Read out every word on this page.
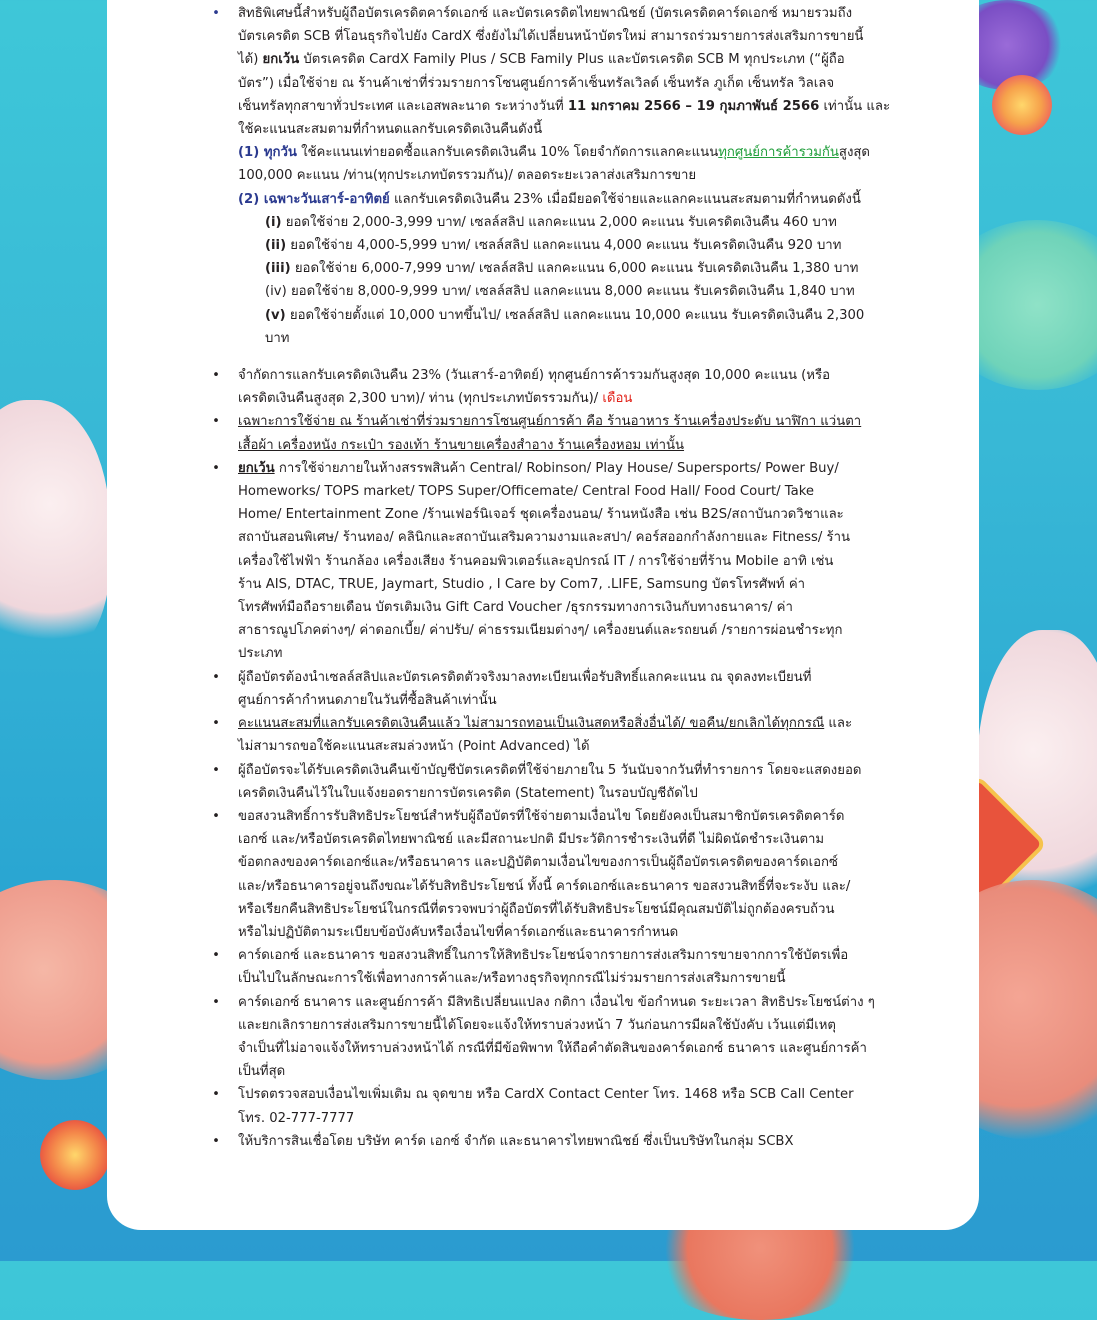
• สิทธิพิเศษนี้สำหรับผู้ถือบัตรเครดิตคาร์ดเอกซ์ และบัตรเครดิตไทยพาณิชย์ (บัตรเครดิตคาร์ดเอกซ์ หมายรวมถึง
บัตรเครดิต SCB ที่โอนธุรกิจไปยัง CardX ซึ่งยังไม่ได้เปลี่ยนหน้าบัตรใหม่ สามารถร่วมรายการส่งเสริมการขายนี้
ได้) ยกเว้น บัตรเครดิต CardX Family Plus / SCB Family Plus และบัตรเครดิต SCB M ทุกประเภท (“ผู้ถือ
บัตร”) เมื่อใช้จ่าย ณ ร้านค้าเช่าที่ร่วมรายการโซนศูนย์การค้าเซ็นทรัลเวิลด์ เซ็นทรัล ภูเก็ต เซ็นทรัล วิลเลจ
เซ็นทรัลทุกสาขาทั่วประเทศ และเอสพละนาด ระหว่างวันที่ 11 มกราคม 2566 – 19 กุมภาพันธ์ 2566 เท่านั้น และ
ใช้คะแนนสะสมตามที่กำหนดแลกรับเครดิตเงินคืนดังนี้

(1) ทุกวัน ใช้คะแนนเท่ายอดซื้อแลกรับเครดิตเงินคืน 10% โดยจำกัดการแลกคะแนนทุกศูนย์การค้ารวมกันสูงสุด
100,000 คะแนน /ท่าน(ทุกประเภทบัตรรวมกัน)/ ตลอดระยะเวลาส่งเสริมการขาย

(2) เฉพาะวันเสาร์-อาทิตย์ แลกรับเครดิตเงินคืน 23% เมื่อมียอดใช้จ่ายและแลกคะแนนสะสมตามที่กำหนดดังนี้

(i) ยอดใช้จ่าย 2,000-3,999 บาท/ เซลล์สลิป แลกคะแนน 2,000 คะแนน รับเครดิตเงินคืน 460 บาท
(ii) ยอดใช้จ่าย 4,000-5,999 บาท/ เซลล์สลิป แลกคะแนน 4,000 คะแนน รับเครดิตเงินคืน 920 บาท
(iii) ยอดใช้จ่าย 6,000-7,999 บาท/ เซลล์สลิป แลกคะแนน 6,000 คะแนน รับเครดิตเงินคืน 1,380 บาท
(iv) ยอดใช้จ่าย 8,000-9,999 บาท/ เซลล์สลิป แลกคะแนน 8,000 คะแนน รับเครดิตเงินคืน 1,840 บาท
(v) ยอดใช้จ่ายตั้งแต่ 10,000 บาทขึ้นไป/ เซลล์สลิป แลกคะแนน 10,000 คะแนน รับเครดิตเงินคืน 2,300
บาท
• จำกัดการแลกรับเครดิตเงินคืน 23% (วันเสาร์-อาทิตย์) ทุกศูนย์การค้ารวมกันสูงสุด 10,000 คะแนน (หรือ
เครดิตเงินคืนสูงสุด 2,300 บาท)/ ท่าน (ทุกประเภทบัตรรวมกัน)/ เดือน
• เฉพาะการใช้จ่าย ณ ร้านค้าเช่าที่ร่วมรายการโซนศูนย์การค้า คือ ร้านอาหาร ร้านเครื่องประดับ นาฬิกา แว่นตา
เสื้อผ้า เครื่องหนัง กระเป๋า รองเท้า ร้านขายเครื่องสำอาง ร้านเครื่องหอม เท่านั้น
• ยกเว้น การใช้จ่ายภายในห้างสรรพสินค้า Central/ Robinson/ Play House/ Supersports/ Power Buy/
Homeworks/ TOPS market/ TOPS Super/Officemate/ Central Food Hall/ Food Court/ Take
Home/ Entertainment Zone /ร้านเฟอร์นิเจอร์ ชุดเครื่องนอน/ ร้านหนังสือ เช่น B2S/สถาบันกวดวิชาและ
สถาบันสอนพิเศษ/ ร้านทอง/ คลินิกและสถาบันเสริมความงามและสปา/ คอร์สออกกำลังกายและ Fitness/ ร้าน
เครื่องใช้ไฟฟ้า ร้านกล้อง เครื่องเสียง ร้านคอมพิวเตอร์และอุปกรณ์ IT / การใช้จ่ายที่ร้าน Mobile อาทิ เช่น
ร้าน AIS, DTAC, TRUE, Jaymart, Studio , I Care by Com7, .LIFE, Samsung บัตรโทรศัพท์ ค่า
โทรศัพท์มือถือรายเดือน บัตรเติมเงิน Gift Card Voucher /ธุรกรรมทางการเงินกับทางธนาคาร/ ค่า
สาธารณูปโภคต่างๆ/ ค่าดอกเบี้ย/ ค่าปรับ/ ค่าธรรมเนียมต่างๆ/ เครื่องยนต์และรถยนต์ /รายการผ่อนชำระทุก
ประเภท
• ผู้ถือบัตรต้องนำเซลล์สลิปและบัตรเครดิตตัวจริงมาลงทะเบียนเพื่อรับสิทธิ์แลกคะแนน ณ จุดลงทะเบียนที่
ศูนย์การค้ากำหนดภายในวันที่ซื้อสินค้าเท่านั้น
• คะแนนสะสมที่แลกรับเครดิตเงินคืนแล้ว ไม่สามารถทอนเป็นเงินสดหรือสิ่งอื่นได้/ ขอคืน/ยกเลิกได้ทุกกรณี และ
ไม่สามารถขอใช้คะแนนสะสมล่วงหน้า (Point Advanced) ได้
• ผู้ถือบัตรจะได้รับเครดิตเงินคืนเข้าบัญชีบัตรเครดิตที่ใช้จ่ายภายใน 5 วันนับจากวันที่ทำรายการ โดยจะแสดงยอด
เครดิตเงินคืนไว้ในใบแจ้งยอดรายการบัตรเครดิต (Statement) ในรอบบัญชีถัดไป
• ขอสงวนสิทธิ์การรับสิทธิประโยชน์สำหรับผู้ถือบัตรที่ใช้จ่ายตามเงื่อนไข โดยยังคงเป็นสมาชิกบัตรเครดิตคาร์ด
เอกซ์ และ/หรือบัตรเครดิตไทยพาณิชย์ และมีสถานะปกติ มีประวัติการชำระเงินที่ดี ไม่ผิดนัดชำระเงินตาม
ข้อตกลงของคาร์ดเอกซ์และ/หรือธนาคาร และปฏิบัติตามเงื่อนไขของการเป็นผู้ถือบัตรเครดิตของคาร์ดเอกซ์
และ/หรือธนาคารอยู่จนถึงขณะได้รับสิทธิประโยชน์ ทั้งนี้ คาร์ดเอกซ์และธนาคาร ขอสงวนสิทธิ์ที่จะระงับ และ/
หรือเรียกคืนสิทธิประโยชน์ในกรณีที่ตรวจพบว่าผู้ถือบัตรที่ได้รับสิทธิประโยชน์มีคุณสมบัติไม่ถูกต้องครบถ้วน
หรือไม่ปฏิบัติตามระเบียบข้อบังคับหรือเงื่อนไขที่คาร์ดเอกซ์และธนาคารกำหนด
• คาร์ดเอกซ์ และธนาคาร ขอสงวนสิทธิ์ในการให้สิทธิประโยชน์จากรายการส่งเสริมการขายจากการใช้บัตรเพื่อ
เป็นไปในลักษณะการใช้เพื่อทางการค้าและ/หรือทางธุรกิจทุกกรณีไม่ร่วมรายการส่งเสริมการขายนี้
• คาร์ดเอกซ์ ธนาคาร และศูนย์การค้า มีสิทธิเปลี่ยนแปลง กติกา เงื่อนไข ข้อกำหนด ระยะเวลา สิทธิประโยชน์ต่าง ๆ
และยกเลิกรายการส่งเสริมการขายนี้ได้โดยจะแจ้งให้ทราบล่วงหน้า 7 วันก่อนการมีผลใช้บังคับ เว้นแต่มีเหตุ
จำเป็นที่ไม่อาจแจ้งให้ทราบล่วงหน้าได้ กรณีที่มีข้อพิพาท ให้ถือคำตัดสินของคาร์ดเอกซ์ ธนาคาร และศูนย์การค้า
เป็นที่สุด
• โปรดตรวจสอบเงื่อนไขเพิ่มเติม ณ จุดขาย หรือ CardX Contact Center โทร. 1468 หรือ SCB Call Center
โทร. 02-777-7777
• ให้บริการสินเชื่อโดย บริษัท คาร์ด เอกซ์ จำกัด และธนาคารไทยพาณิชย์ ซึ่งเป็นบริษัทในกลุ่ม SCBX
